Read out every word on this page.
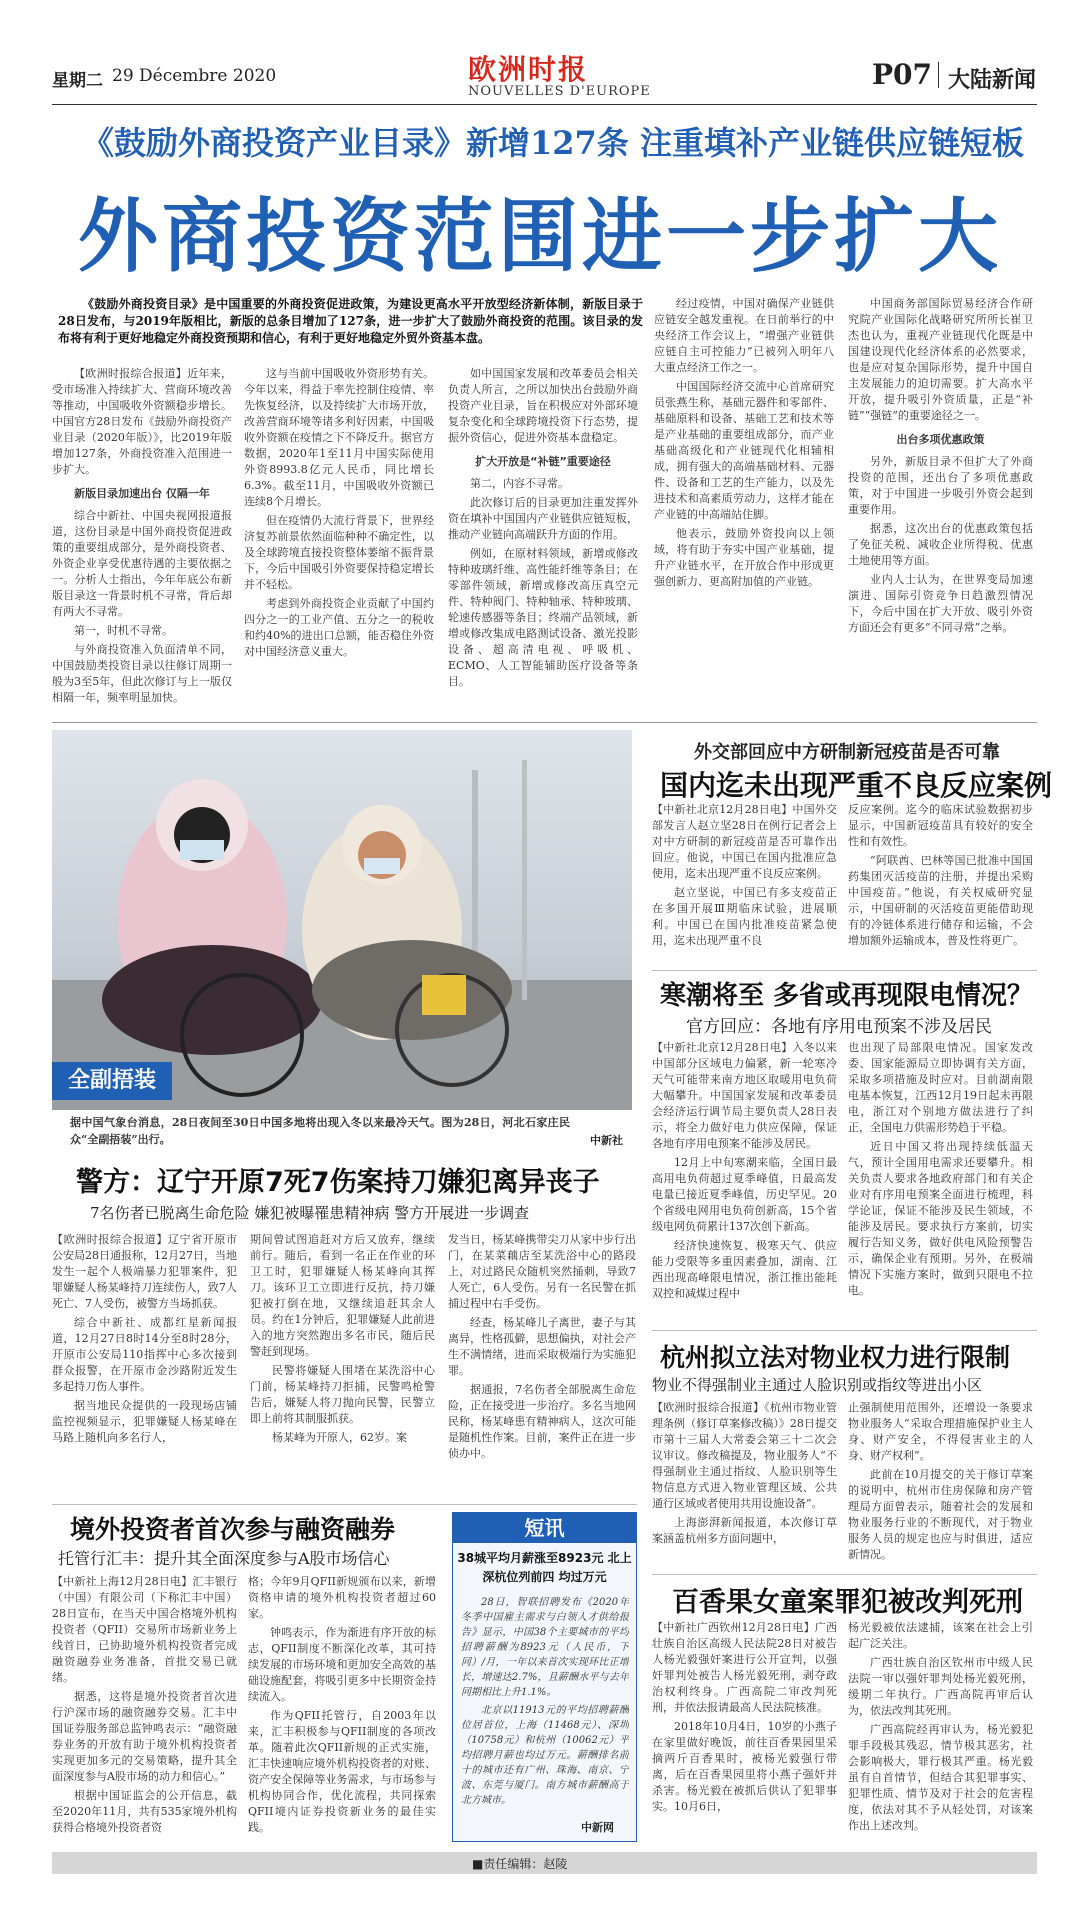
星期二 29 Décembre 2020	欧洲时报
NOUVELLES D'EUROPE
P07 大陆新闻
《鼓励外商投资产业目录》新增127条 注重填补产业链供应链短板
外商投资范围进一步扩大

《鼓励外商投资目录》是中国重要的外商投资促进政策，为建设更高水平开放型经济新体制，新版目录于28日发布，与2019年版相比，新版的总条目增加了127条，进一步扩大了鼓励外商投资的范围。该目录的发布将有利于更好地稳定外商投资预期和信心，有利于更好地稳定外贸外资基本盘。

【欧洲时报综合报道】近年来，受市场准入持续扩大、营商环境改善等推动，中国吸收外资额稳步增长。中国官方28日发布《鼓励外商投资产业目录（2020年版）》，比2019年版增加127条，外商投资准入范围进一步扩大。

新版目录加速出台 仅隔一年

综合中新社、中国央视网报道报道，这份目录是中国外商投资促进政策的重要组成部分，是外商投资者、外资企业享受优惠待遇的主要依据之一。分析人士指出，今年年底公布新版目录这一背景时机不寻常，背后却有两大不寻常。

第一，时机不寻常。

与外商投资准入负面清单不同，中国鼓励类投资目录以往修订周期一般为3至5年，但此次修订与上一版仅相隔一年，频率明显加快。

这与当前中国吸收外资形势有关。今年以来，得益于率先控制住疫情、率先恢复经济，以及持续扩大市场开放，改善营商环境等诸多利好因素，中国吸收外资额在疫情之下不降反升。据官方数据，2020年1至11月中国实际使用外资8993.8亿元人民币，同比增长6.3%。截至11月，中国吸收外资额已连续8个月增长。

但在疫情仍大流行背景下，世界经济复苏前景依然面临种种不确定性，以及全球跨境直接投资整体萎缩不振背景下，今后中国吸引外资要保持稳定增长并不轻松。

考虑到外商投资企业贡献了中国约四分之一的工业产值、五分之一的税收和约40%的进出口总额，能否稳住外资对中国经济意义重大。

如中国国家发展和改革委员会相关负责人所言，之所以加快出台鼓励外商投资产业目录，旨在积极应对外部环境复杂变化和全球跨境投资下行态势，提振外资信心，促进外资基本盘稳定。

扩大开放是“补链”重要途径

第二，内容不寻常。

此次修订后的目录更加注重发挥外资在填补中国国内产业链供应链短板，推动产业链向高端跃升方面的作用。

例如，在原材料领域，新增或修改特种玻璃纤维、高性能纤维等条目；在零部件领域，新增或修改高压真空元件、特种阀门、特种轴承、特种玻璃、轮速传感器等条目；终端产品领域，新增或修改集成电路测试设备、激光投影设备、超高清电视、呼吸机、ECMO、人工智能辅助医疗设备等条目。

经过疫情，中国对确保产业链供应链安全越发重视。在日前举行的中央经济工作会议上，“增强产业链供应链自主可控能力”已被列入明年八大重点经济工作之一。

中国国际经济交流中心首席研究员张燕生称，基础元器件和零部件、基础原料和设备、基础工艺和技术等是产业基础的重要组成部分，而产业基础高级化和产业链现代化相辅相成，拥有强大的高端基础材料、元器件、设备和工艺的生产能力，以及先进技术和高素质劳动力，这样才能在产业链的中高端站住脚。

他表示，鼓励外资投向以上领域，将有助于夯实中国产业基础，提升产业链水平，在开放合作中形成更强创新力、更高附加值的产业链。

中国商务部国际贸易经济合作研究院产业国际化战略研究所所长崔卫杰也认为，重视产业链现代化既是中国建设现代化经济体系的必然要求，也是应对复杂国际形势，提升中国自主发展能力的迫切需要。扩大高水平开放，提升吸引外资质量，正是“补链”“强链”的重要途径之一。

出台多项优惠政策

另外，新版目录不但扩大了外商投资的范围，还出台了多项优惠政策，对于中国进一步吸引外资会起到重要作用。

据悉，这次出台的优惠政策包括了免征关税、减收企业所得税、优惠土地使用等方面。

业内人士认为，在世界变局加速演进、国际引资竞争日趋激烈情况下，今后中国在扩大开放、吸引外资方面还会有更多“不同寻常”之举。

全副捂装

据中国气象台消息，28日夜间至30日中国多地将出现入冬以来最冷天气。图为28日，河北石家庄民众“全副捂装”出行。	中新社
外交部回应中方研制新冠疫苗是否可靠
国内迄未出现严重不良反应案例

【中新社北京12月28日电】中国外交部发言人赵立坚28日在例行记者会上对中方研制的新冠疫苗是否可靠作出回应。他说，中国已在国内批准应急使用，迄未出现严重不良反应案例。

赵立坚说，中国已有多支疫苗正在多国开展Ⅲ期临床试验，进展顺利。中国已在国内批准疫苗紧急使用，迄未出现严重不良

反应案例。迄今的临床试验数据初步显示，中国新冠疫苗具有较好的安全性和有效性。

“阿联酋、巴林等国已批准中国国药集团灭活疫苗的注册，并提出采购中国疫苗。”他说，有关权威研究显示，中国研制的灭活疫苗更能借助现有的冷链体系进行储存和运输，不会增加额外运输成本，普及性将更广。

寒潮将至 多省或再现限电情况？
官方回应：各地有序用电预案不涉及居民

【中新社北京12月28日电】入冬以来中国部分区域电力偏紧，新一轮寒冷天气可能带来南方地区取暖用电负荷大幅攀升。中国国家发展和改革委员会经济运行调节局主要负责人28日表示，将全力做好电力供应保障，保证各地有序用电预案不能涉及居民。

12月上中旬寒潮来临，全国日最高用电负荷超过夏季峰值，日最高发电量已接近夏季峰值，历史罕见。20个省级电网用电负荷创新高，15个省级电网负荷累计137次创下新高。

经济快速恢复、极寒天气、供应能力受限等多重因素叠加，湖南、江西出现高峰限电情况，浙江推出能耗双控和减煤过程中

也出现了局部限电情况。国家发改委、国家能源局立即协调有关方面，采取多项措施及时应对。目前湖南限电基本恢复，江西12月19日起未再限电，浙江对个别地方做法进行了纠正，全国电力供需形势趋于平稳。

近日中国又将出现持续低温天气，预计全国用电需求还要攀升。相关负责人要求各地政府部门和有关企业对有序用电预案全面进行梳理，科学论证，保证不能涉及民生领域，不能涉及居民。要求执行方案前，切实履行告知义务，做好供电风险预警告示，确保企业有预期。另外，在极端情况下实施方案时，做到只限电不拉电。

杭州拟立法对物业权力进行限制
物业不得强制业主通过人脸识别或指纹等进出小区

【欧洲时报综合报道】《杭州市物业管理条例（修订草案修改稿）》28日提交市第十三届人大常委会第三十二次会议审议。修改稿提及，物业服务人“不得强制业主通过指纹、人脸识别等生物信息方式进入物业管理区域、公共通行区域或者使用共用设施设备”。

上海澎湃新闻报道，本次修订草案涵盖杭州多方面问题中，

止强制使用范围外，还增设一条要求物业服务人“采取合理措施保护业主人身、财产安全，不得侵害业主的人身、财产权利”。

此前在10月提交的关于修订草案的说明中，杭州市住房保障和房产管理局方面曾表示，随着社会的发展和物业服务行业的不断现代，对于物业服务人员的规定也应与时俱进，适应新情况。

警方：辽宁开原7死7伤案持刀嫌犯离异丧子
7名伤者已脱离生命危险 嫌犯被曝罹患精神病 警方开展进一步调查

【欧洲时报综合报道】辽宁省开原市公安局28日通报称，12月27日，当地发生一起个人极端暴力犯罪案件，犯罪嫌疑人杨某峰持刀连续伤人，致7人死亡、7人受伤，被警方当场抓获。

综合中新社、成都红星新闻报道，12月27日8时14分至8时28分，开原市公安局110指挥中心多次接到群众报警，在开原市金沙路附近发生多起持刀伤人事件。

据当地民众提供的一段现场店铺监控视频显示，犯罪嫌疑人杨某峰在马路上随机向多名行人，

期间曾试图追赶对方后又放弃，继续前行。随后，看到一名正在作业的环卫工时，犯罪嫌疑人杨某峰向其挥刀。该环卫工立即进行反抗，持刀嫌犯被打倒在地，又继续追赶其余人员。约在1分钟后，犯罪嫌疑人此前进入的地方突然跑出多名市民，随后民警赶到现场。

民警将嫌疑人围堵在某洗浴中心门前，杨某峰持刀拒捕，民警鸣枪警告后，嫌疑人将刀抛向民警，民警立即上前将其制服抓获。

杨某峰为开原人，62岁。案

发当日，杨某峰携带尖刀从家中步行出门，在某菜藕店至某洗浴中心的路段上，对过路民众随机突然捅刺，导致7人死亡，6人受伤。另有一名民警在抓捕过程中右手受伤。

经查，杨某峰儿子离世，妻子与其离异，性格孤僻，思想偏执，对社会产生不满情绪，进而采取极端行为实施犯罪。

据通报，7名伤者全部脱离生命危险，正在接受进一步治疗。多名当地网民称，杨某峰患有精神病人，这次可能是随机性作案。目前，案件正在进一步侦办中。

境外投资者首次参与融资融券
托管行汇丰：提升其全面深度参与A股市场信心

【中新社上海12月28日电】汇丰银行（中国）有限公司（下称汇丰中国）28日宣布，在当天中国合格境外机构投资者（QFII）交易所市场新业务上线首日，已协助境外机构投资者完成融资融券业务准备，首批交易已就绪。

据悉，这将是境外投资者首次进行沪深市场的融资融券交易。汇丰中国证券服务部总监钟鸣表示：“融资融券业务的开放有助于境外机构投资者实现更加多元的交易策略，提升其全面深度参与A股市场的动力和信心。”

根据中国证监会的公开信息，截至2020年11月，共有535家境外机构获得合格境外投资者资

格；今年9月QFII新规颁布以来，新增资格申请的境外机构投资者超过60家。

钟鸣表示，作为渐进有序开放的标志，QFII制度不断深化改革，其可持续发展的市场环境和更加安全高效的基础设施配套，将吸引更多中长期资金持续流入。

作为QFII托管行，自2003年以来，汇丰积极参与QFII制度的各项改革。随着此次QFII新规的正式实施，汇丰快速响应境外机构投资者的对账、资产安全保障等业务需求，与市场参与机构协同合作，优化流程，共同探索QFII境内证券投资新业务的最佳实践。

短讯

38城平均月薪涨至8923元 北上深杭位列前四 均过万元

28日，智联招聘发布《2020年冬季中国雇主需求与白领人才供给报告》显示，中国38个主要城市的平均招聘薪酬为8923元（人民币，下同）/月，一年以来首次实现环比正增长，增速达2.7%，且薪酬水平与去年同期相比上升1.1%。

北京以11913元的平均招聘薪酬位居首位，上海（11468元）、深圳（10758元）和杭州（10062元）平均招聘月薪也均过万元。薪酬排名前十的城市还有广州、珠海、南京、宁波、东莞与厦门。南方城市薪酬高于北方城市。

中新网
百香果女童案罪犯被改判死刑

【中新社广西钦州12月28日电】广西壮族自治区高级人民法院28日对被告人杨光毅强奸案进行公开宣判，以强奸罪判处被告人杨光毅死刑，剥夺政治权利终身。广西高院二审改判死刑，并依法报请最高人民法院核准。

2018年10月4日，10岁的小燕子在家里做好晚饭，前往百香果园里采摘两斤百香果时，被杨光毅强行带离，后在百香果园里将小燕子强奸并杀害。杨光毅在被抓后供认了犯罪事实。10月6日，

杨光毅被依法逮捕，该案在社会上引起广泛关注。

广西壮族自治区钦州市中级人民法院一审以强奸罪判处杨光毅死刑，缓期二年执行。广西高院再审后认为，依法改判其死刑。

广西高院经再审认为，杨光毅犯罪手段极其残忍，情节极其恶劣，社会影响极大，罪行极其严重。杨光毅虽有自首情节，但结合其犯罪事实、犯罪性质、情节及对于社会的危害程度，依法对其不予从轻处罚，对该案作出上述改判。

■责任编辑：赵陵
